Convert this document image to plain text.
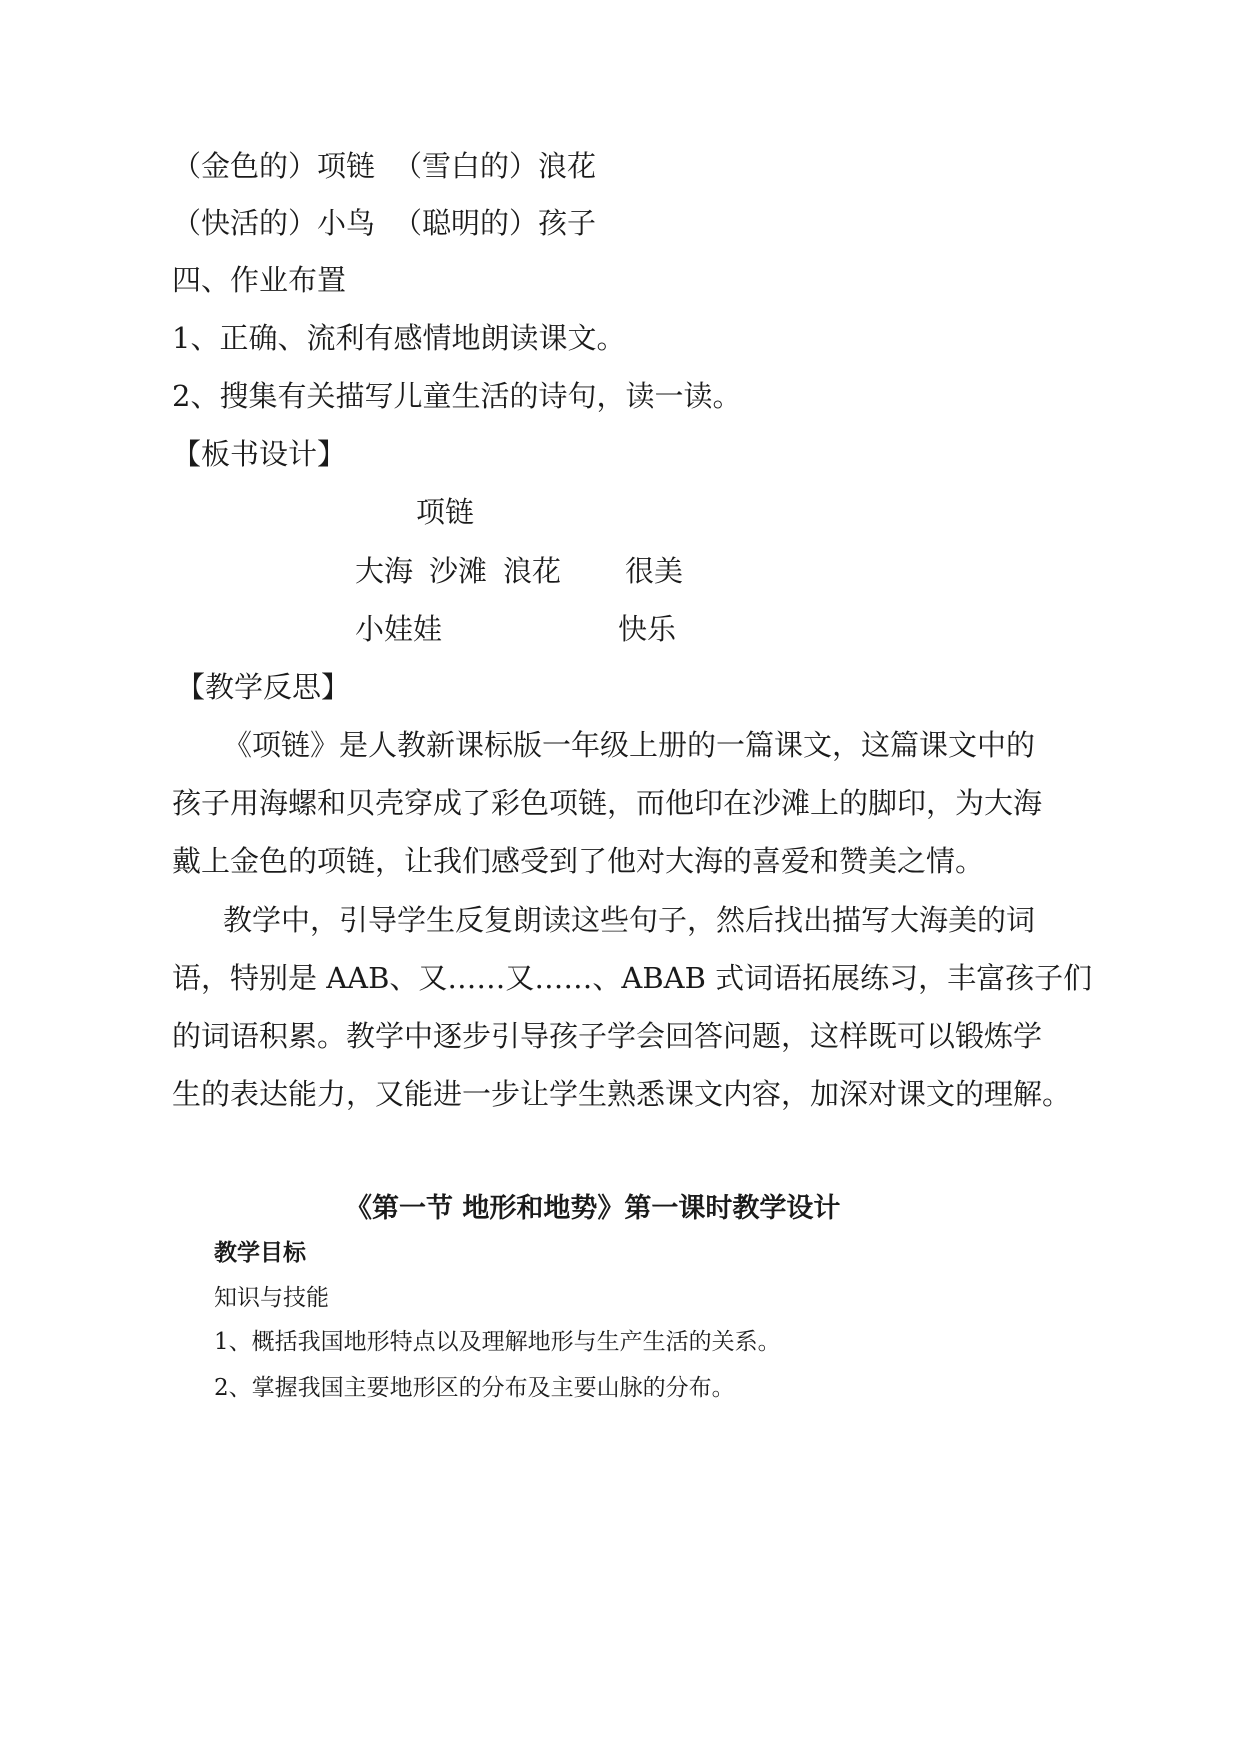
（金色的）项链 （雪白的）浪花
（快活的）小鸟 （聪明的）孩子
四、作业布置
1、正确、流利有感情地朗读课文。
2、搜集有关描写儿童生活的诗句，读一读。
【板书设计】
项链
大海 沙滩 浪花 很美
小娃娃	快乐
【教学反思】
《项链》是人教新课标版一年级上册的一篇课文，这篇课文中的
孩子用海螺和贝壳穿成了彩色项链，而他印在沙滩上的脚印，为大海
戴上金色的项链，让我们感受到了他对大海的喜爱和赞美之情。
教学中，引导学生反复朗读这些句子，然后找出描写大海美的词
语，特别是 AAB、又……又……、ABAB 式词语拓展练习，丰富孩子们
的词语积累。教学中逐步引导孩子学会回答问题，这样既可以锻炼学
生的表达能力，又能进一步让学生熟悉课文内容，加深对课文的理解。
《第一节 地形和地势》第一课时教学设计
教学目标
知识与技能
1、概括我国地形特点以及理解地形与生产生活的关系。
2、掌握我国主要地形区的分布及主要山脉的分布。
